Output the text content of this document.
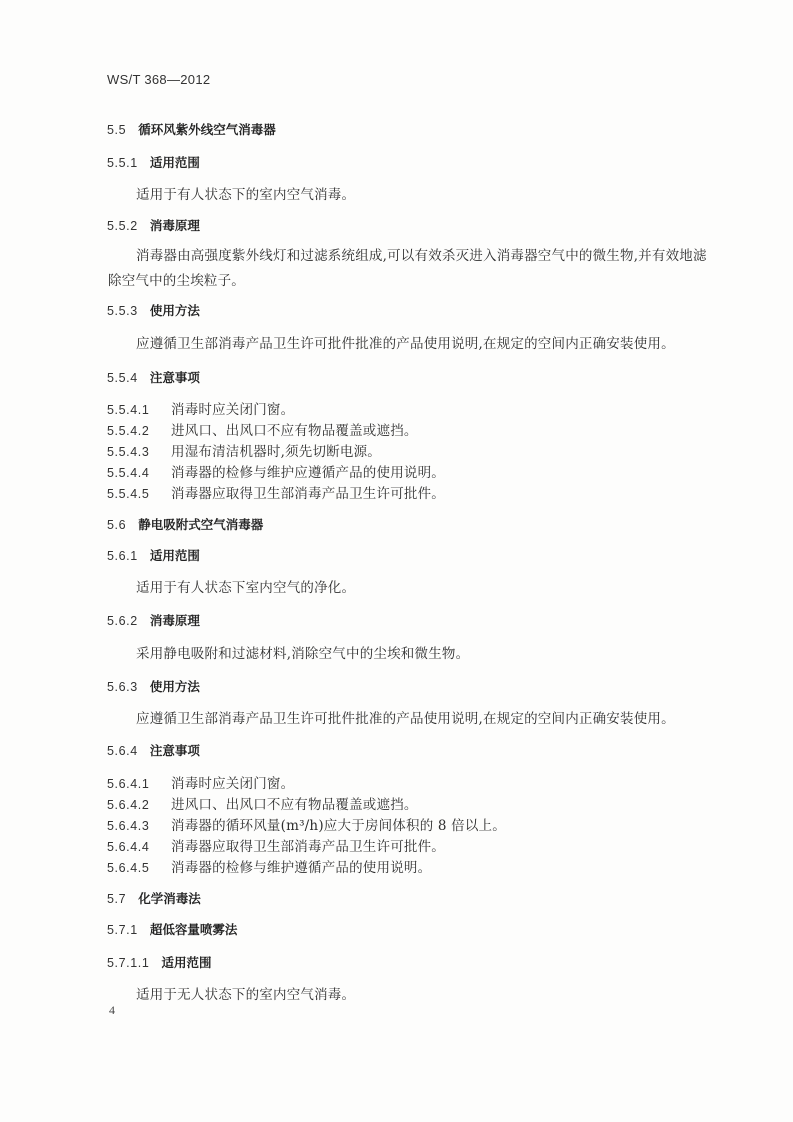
WS/T 368—2012
5.5 循环风紫外线空气消毒器
5.5.1 适用范围
适用于有人状态下的室内空气消毒。
5.5.2 消毒原理
消毒器由高强度紫外线灯和过滤系统组成,可以有效杀灭进入消毒器空气中的微生物,并有效地滤除空气中的尘埃粒子。
5.5.3 使用方法
应遵循卫生部消毒产品卫生许可批件批准的产品使用说明,在规定的空间内正确安装使用。
5.5.4 注意事项
5.5.4.1 消毒时应关闭门窗。
5.5.4.2 进风口、出风口不应有物品覆盖或遮挡。
5.5.4.3 用湿布清洁机器时,须先切断电源。
5.5.4.4 消毒器的检修与维护应遵循产品的使用说明。
5.5.4.5 消毒器应取得卫生部消毒产品卫生许可批件。
5.6 静电吸附式空气消毒器
5.6.1 适用范围
适用于有人状态下室内空气的净化。
5.6.2 消毒原理
采用静电吸附和过滤材料,消除空气中的尘埃和微生物。
5.6.3 使用方法
应遵循卫生部消毒产品卫生许可批件批准的产品使用说明,在规定的空间内正确安装使用。
5.6.4 注意事项
5.6.4.1 消毒时应关闭门窗。
5.6.4.2 进风口、出风口不应有物品覆盖或遮挡。
5.6.4.3 消毒器的循环风量(m³/h)应大于房间体积的 8 倍以上。
5.6.4.4 消毒器应取得卫生部消毒产品卫生许可批件。
5.6.4.5 消毒器的检修与维护遵循产品的使用说明。
5.7 化学消毒法
5.7.1 超低容量喷雾法
5.7.1.1 适用范围
适用于无人状态下的室内空气消毒。
4
